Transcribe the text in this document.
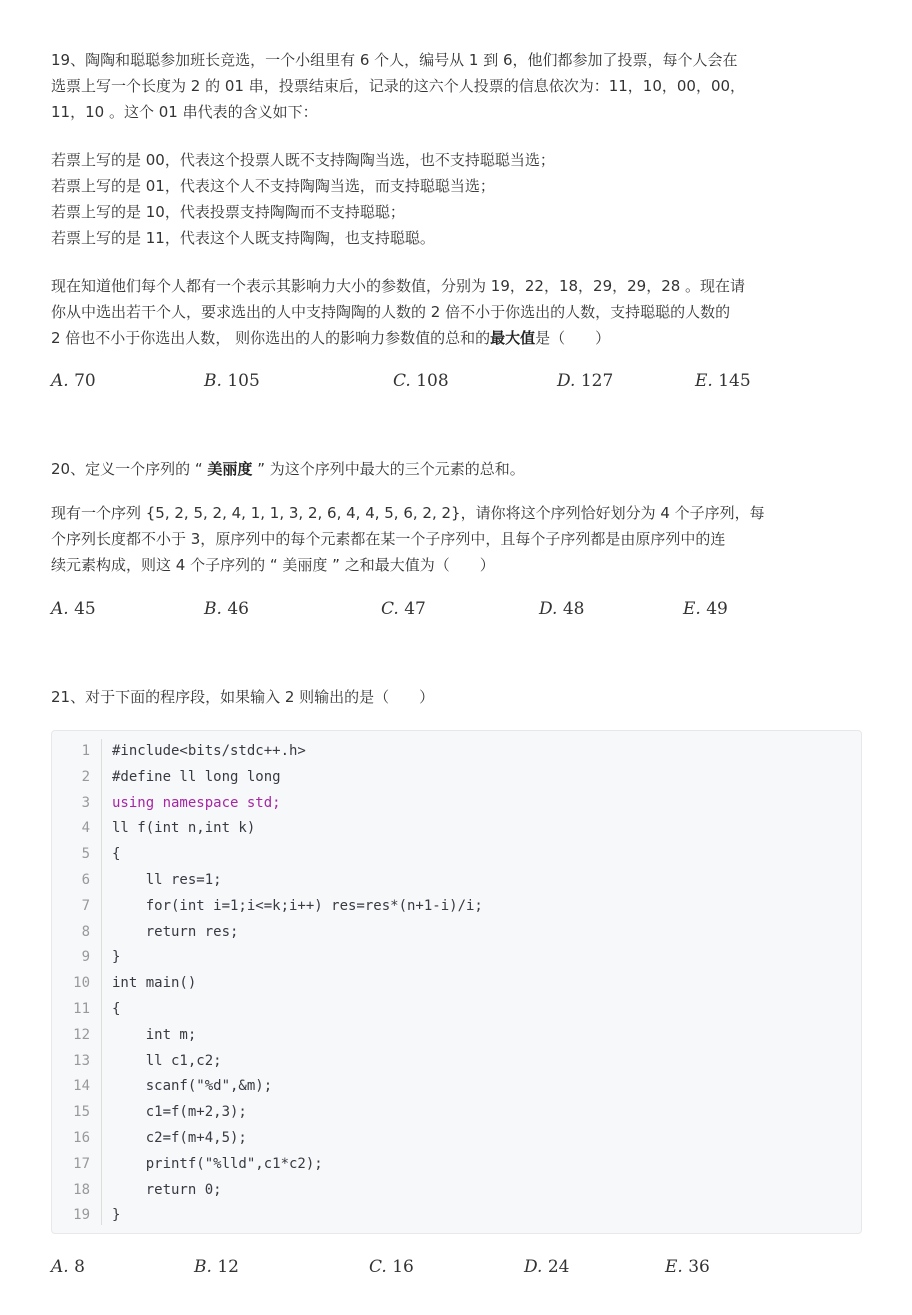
19、陶陶和聪聪参加班长竞选，一个小组里有 6 个人，编号从 1 到 6，他们都参加了投票，每个人会在
选票上写一个长度为 2 的 01 串，投票结束后，记录的这六个人投票的信息依次为：11，10，00，00，
11，10 。这个 01 串代表的含义如下：
若票上写的是 00，代表这个投票人既不支持陶陶当选，也不支持聪聪当选；
若票上写的是 01，代表这个人不支持陶陶当选，而支持聪聪当选；
若票上写的是 10，代表投票支持陶陶而不支持聪聪；
若票上写的是 11，代表这个人既支持陶陶，也支持聪聪。
现在知道他们每个人都有一个表示其影响力大小的参数值，分别为 19，22，18，29，29，28 。现在请
你从中选出若干个人，要求选出的人中支持陶陶的人数的 2 倍不小于你选出的人数，支持聪聪的人数的
2 倍也不小于你选出人数， 则你选出的人的影响力参数值的总和的最大值是（　　）
A. 70	B. 105	C. 108	D. 127	E. 145
20、定义一个序列的 “ 美丽度 ” 为这个序列中最大的三个元素的总和。
现有一个序列 {5, 2, 5, 2, 4, 1, 1, 3, 2, 6, 4, 4, 5, 6, 2, 2}，请你将这个序列恰好划分为 4 个子序列，每
个序列长度都不小于 3，原序列中的每个元素都在某一个子序列中，且每个子序列都是由原序列中的连
续元素构成，则这 4 个子序列的 “ 美丽度 ” 之和最大值为（　　）
A. 45	B. 46	C. 47	D. 48	E. 49
21、对于下面的程序段，如果输入 2 则输出的是（　　）
1 #include<bits/stdc++.h>
2 #define ll long long
3 using namespace std;
4 ll f(int n,int k)
5 {
6 ll res=1;
7 for(int i=1;i<=k;i++) res=res*(n+1-i)/i;
8 return res;
9 }
10 int main()
11 {
12 int m;
13 ll c1,c2;
14 scanf("%d",&m);
15 c1=f(m+2,3);
16 c2=f(m+4,5);
17 printf("%lld",c1*c2);
18 return 0;
19 }
A. 8	B. 12	C. 16	D. 24	E. 36
